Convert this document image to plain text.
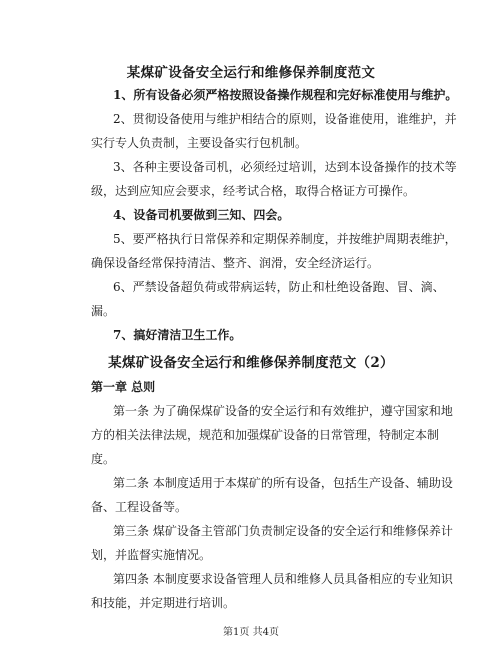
某煤矿设备安全运行和维修保养制度范文
1、所有设备必须严格按照设备操作规程和完好标准使用与维护。
2、贯彻设备使用与维护相结合的原则，设备谁使用，谁维护，并
实行专人负责制，主要设备实行包机制。
3、各种主要设备司机，必须经过培训，达到本设备操作的技术等
级，达到应知应会要求，经考试合格，取得合格证方可操作。
4、设备司机要做到三知、四会。
5、要严格执行日常保养和定期保养制度，并按维护周期表维护，
确保设备经常保持清洁、整齐、润滑，安全经济运行。
6、严禁设备超负荷或带病运转，防止和杜绝设备跑、冒、滴、
漏。
7、搞好清洁卫生工作。
某煤矿设备安全运行和维修保养制度范文（2）
第一章 总则
第一条 为了确保煤矿设备的安全运行和有效维护，遵守国家和地
方的相关法律法规，规范和加强煤矿设备的日常管理，特制定本制
度。
第二条 本制度适用于本煤矿的所有设备，包括生产设备、辅助设
备、工程设备等。
第三条 煤矿设备主管部门负责制定设备的安全运行和维修保养计
划，并监督实施情况。
第四条 本制度要求设备管理人员和维修人员具备相应的专业知识
和技能，并定期进行培训。
第1页 共4页
